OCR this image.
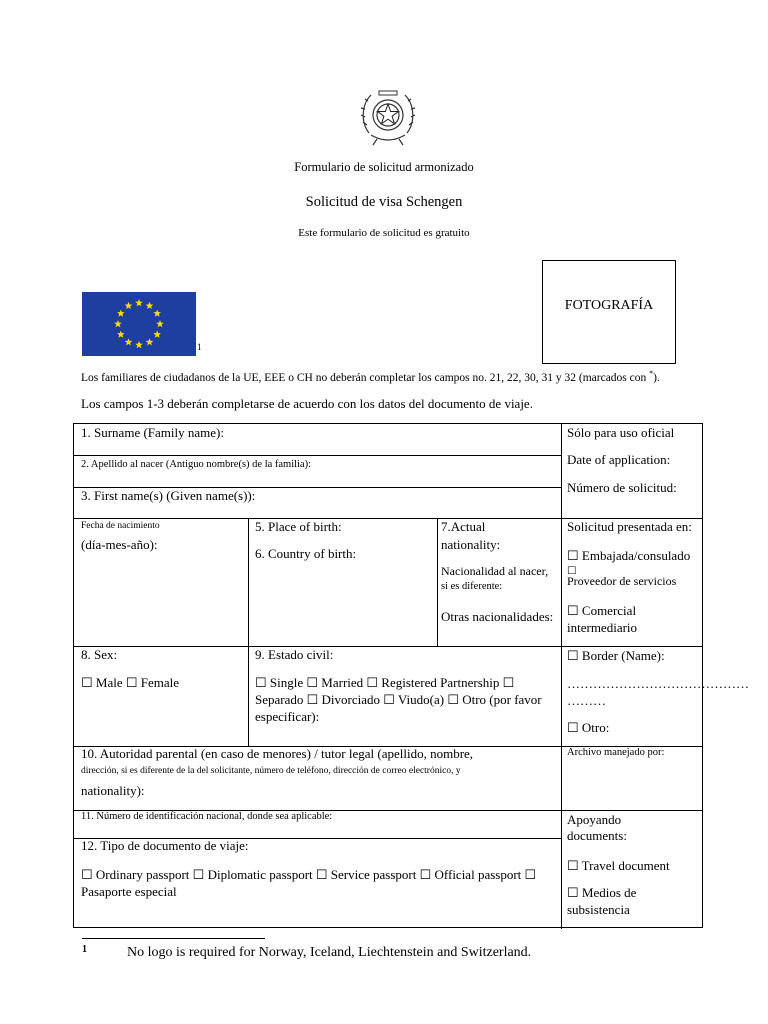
Formulario de solicitud armonizado
Solicitud de visa Schengen
Este formulario de solicitud es gratuito
FOTOGRAFÍA
1
Los familiares de ciudadanos de la UE, EEE o CH no deberán completar los campos no. 21, 22, 30, 31 y 32 (marcados con *).
Los campos 1-3 deberán completarse de acuerdo con los datos del documento de viaje.
1. Surname (Family name):
2. Apellido al nacer (Antiguo nombre(s) de la familia):
3. First name(s) (Given name(s)):
Fecha de nacimiento
(día-mes-año):
5. Place of birth:
6. Country of birth:
7.Actual
nationality:
Nacionalidad al nacer,
si es diferente:
Otras nacionalidades:
8. Sex:
☐ Male ☐ Female
9. Estado civil:
☐ Single ☐ Married ☐ Registered Partnership ☐
Separado ☐ Divorciado ☐ Viudo(a) ☐ Otro (por favor
especificar):
10. Autoridad parental (en caso de menores) / tutor legal (apellido, nombre,
dirección, si es diferente de la del solicitante, número de teléfono, dirección de correo electrónico, y
nationality):
11. Número de identificación nacional, donde sea aplicable:
12. Tipo de documento de viaje:
☐ Ordinary passport ☐ Diplomatic passport ☐ Service passport ☐ Official passport ☐
Pasaporte especial
Sólo para uso oficial
Date of application:
Número de solicitud:
Solicitud presentada en:
☐ Embajada/consulado
☐
Proveedor de servicios
☐ Comercial
intermediario
☐ Border (Name):
……………………………………
………
☐ Otro:
Archivo manejado por:
Apoyando
documents:
☐ Travel document
☐ Medios de
subsistencia
1	No logo is required for Norway, Iceland, Liechtenstein and Switzerland.
